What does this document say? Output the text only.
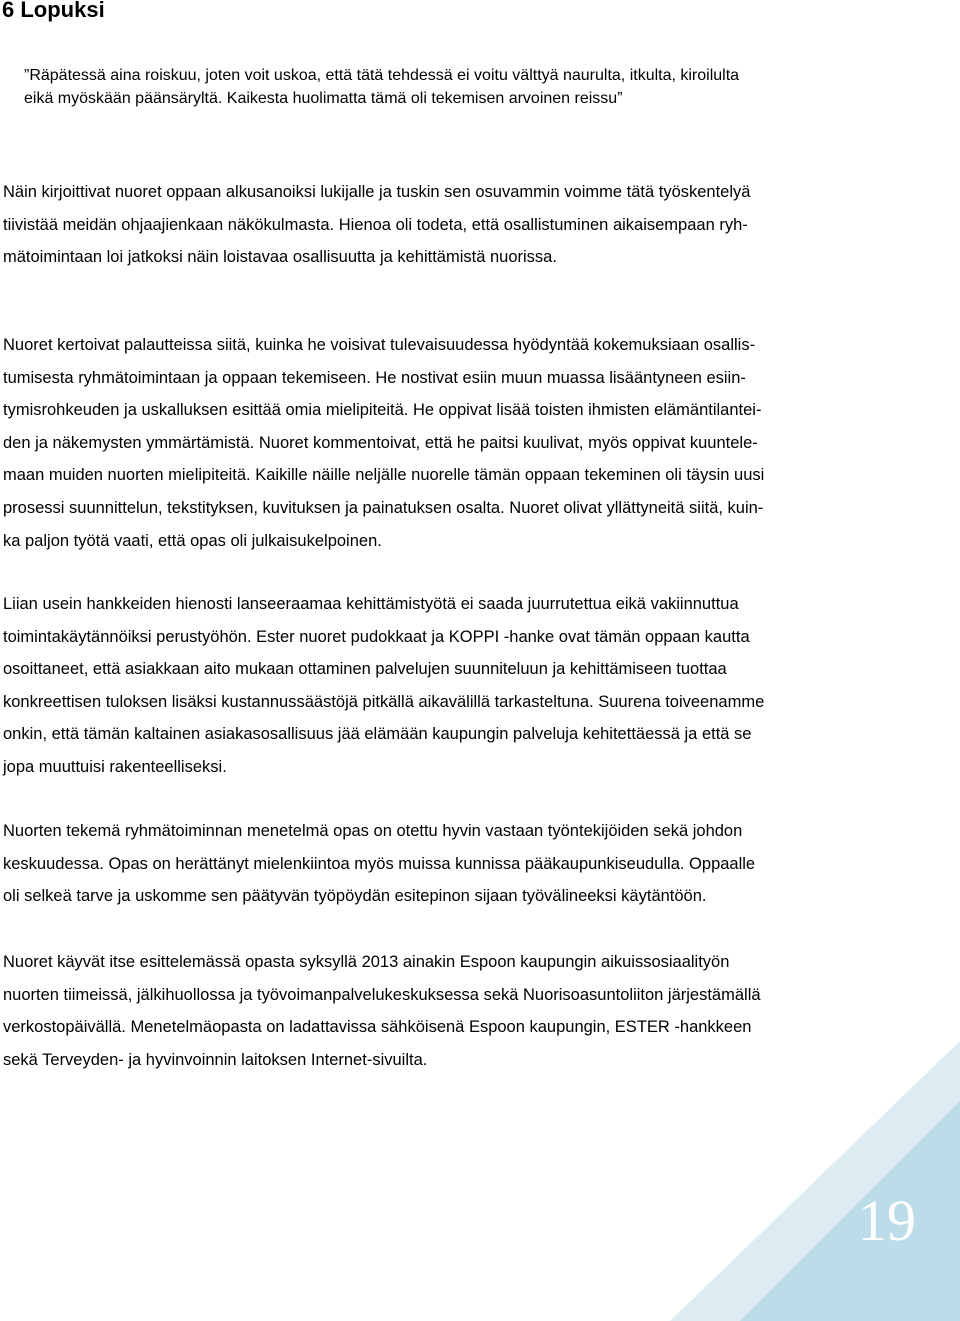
6 Lopuksi
”Räpätessä aina roiskuu, joten voit uskoa, että tätä tehdessä ei voitu välttyä naurulta, itkulta, kiroilulta
eikä myöskään päänsäryltä. Kaikesta huolimatta tämä oli tekemisen arvoinen reissu”
Näin kirjoittivat nuoret oppaan alkusanoiksi lukijalle ja tuskin sen osuvammin voimme tätä työskentelyä
tiivistää meidän ohjaajienkaan näkökulmasta. Hienoa oli todeta, että osallistuminen aikaisempaan ryh-
mätoimintaan loi jatkoksi näin loistavaa osallisuutta ja kehittämistä nuorissa.
Nuoret kertoivat palautteissa siitä, kuinka he voisivat tulevaisuudessa hyödyntää kokemuksiaan osallis-
tumisesta ryhmätoimintaan ja oppaan tekemiseen. He nostivat esiin muun muassa lisääntyneen esiin-
tymisrohkeuden ja uskalluksen esittää omia mielipiteitä. He oppivat lisää toisten ihmisten elämäntilantei-
den ja näkemysten ymmärtämistä. Nuoret kommentoivat, että he paitsi kuulivat, myös oppivat kuuntele-
maan muiden nuorten mielipiteitä. Kaikille näille neljälle nuorelle tämän oppaan tekeminen oli täysin uusi
prosessi suunnittelun, tekstityksen, kuvituksen ja painatuksen osalta. Nuoret olivat yllättyneitä siitä, kuin-
ka paljon työtä vaati, että opas oli julkaisukelpoinen.
Liian usein hankkeiden hienosti lanseeraamaa kehittämistyötä ei saada juurrutettua eikä vakiinnuttua
toimintakäytännöiksi perustyöhön. Ester nuoret pudokkaat ja KOPPI -hanke ovat tämän oppaan kautta
osoittaneet, että asiakkaan aito mukaan ottaminen palvelujen suunniteluun ja kehittämiseen tuottaa
konkreettisen tuloksen lisäksi kustannussäästöjä pitkällä aikavälillä tarkasteltuna. Suurena toiveenamme
onkin, että tämän kaltainen asiakasosallisuus jää elämään kaupungin palveluja kehitettäessä ja että se
jopa muuttuisi rakenteelliseksi.
Nuorten tekemä ryhmätoiminnan menetelmä opas on otettu hyvin vastaan työntekijöiden sekä johdon
keskuudessa. Opas on herättänyt mielenkiintoa myös muissa kunnissa pääkaupunkiseudulla. Oppaalle
oli selkeä tarve ja uskomme sen päätyvän työpöydän esitepinon sijaan työvälineeksi käytäntöön.
Nuoret käyvät itse esittelemässä opasta syksyllä 2013 ainakin Espoon kaupungin aikuissosiaalityön
nuorten tiimeissä, jälkihuollossa ja työvoimanpalvelukeskuksessa sekä Nuorisoasuntoliiton järjestämällä
verkostopäivällä. Menetelmäopasta on ladattavissa sähköisenä Espoon kaupungin, ESTER -hankkeen
sekä Terveyden- ja hyvinvoinnin laitoksen Internet-sivuilta.
19
